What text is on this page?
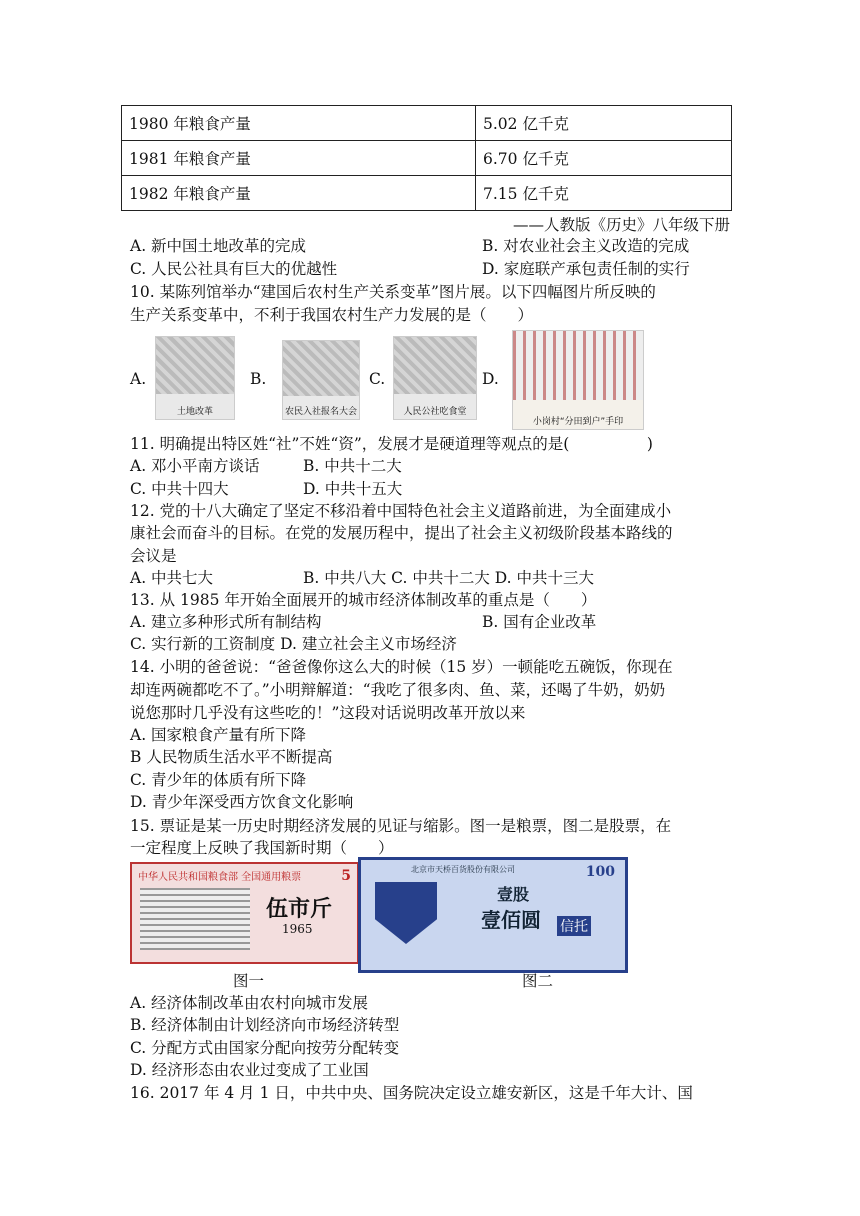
1980 年粮食产量	5.02 亿千克
1981 年粮食产量	6.70 亿千克
1982 年粮食产量	7.15 亿千克
——人教版《历史》八年级下册
A. 新中国土地改革的完成	B. 对农业社会主义改造的完成
C. 人民公社具有巨大的优越性	D. 家庭联产承包责任制的实行
10. 某陈列馆举办“建国后农村生产关系变革”图片展。以下四幅图片所反映的
生产关系变革中，不利于我国农村生产力发展的是（　　）
A.
土地改革
B.
农民入社报名大会
C.
人民公社吃食堂
D.
小岗村“分田到户”手印
11. 明确提出特区姓“社”不姓“资”，发展才是硬道理等观点的是(　　　　　)
A. 邓小平南方谈话	B. 中共十二大
C. 中共十四大	D. 中共十五大
12. 党的十八大确定了坚定不移沿着中国特色社会主义道路前进，为全面建成小
康社会而奋斗的目标。在党的发展历程中，提出了社会主义初级阶段基本路线的
会议是
A. 中共七大	B. 中共八大 C. 中共十二大 D. 中共十三大
13. 从 1985 年开始全面展开的城市经济体制改革的重点是（　　）
A. 建立多种形式所有制结构	B. 国有企业改革
C. 实行新的工资制度 D. 建立社会主义市场经济
14. 小明的爸爸说：“爸爸像你这么大的时候（15 岁）一顿能吃五碗饭，你现在
却连两碗都吃不了。”小明辩解道：“我吃了很多肉、鱼、菜，还喝了牛奶，奶奶
说您那时几乎没有这些吃的！”这段对话说明改革开放以来
A. 国家粮食产量有所下降
B 人民物质生活水平不断提高
C. 青少年的体质有所下降
D. 青少年深受西方饮食文化影响
15. 票证是某一历史时期经济发展的见证与缩影。图一是粮票，图二是股票，在
一定程度上反映了我国新时期（　　）
中华人民共和国粮食部 全国通用粮票	5
伍市斤
1965
北京市天桥百货股份有限公司	100
壹股
壹佰圆 信托
图一	图二
A. 经济体制改革由农村向城市发展
B. 经济体制由计划经济向市场经济转型
C. 分配方式由国家分配向按劳分配转变
D. 经济形态由农业过变成了工业国
16. 2017 年 4 月 1 日，中共中央、国务院决定设立雄安新区，这是千年大计、国
